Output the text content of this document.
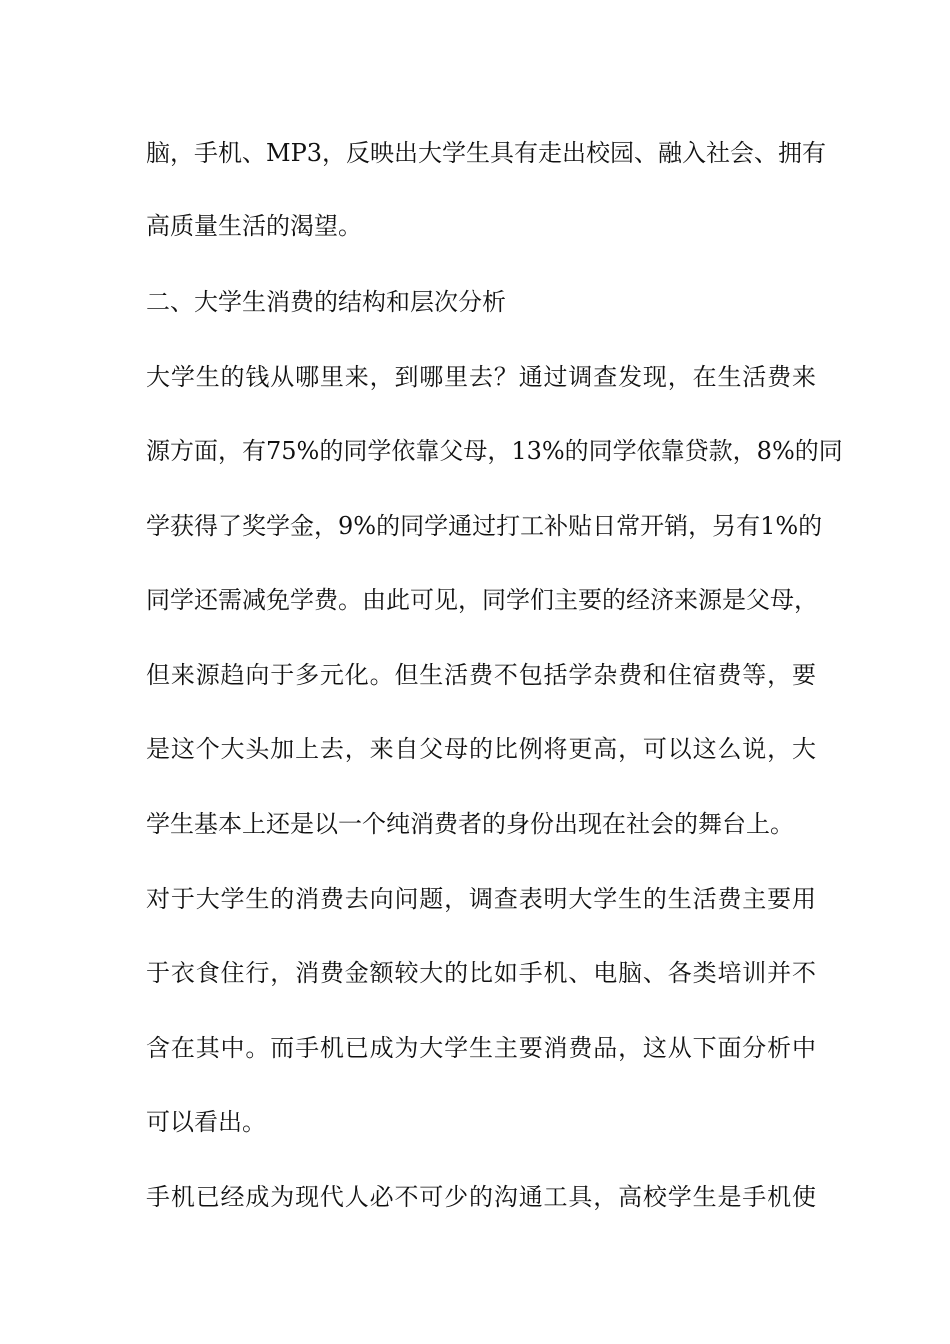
脑，手机、MP3，反映出大学生具有走出校园、融入社会、拥有
高质量生活的渴望。
二、大学生消费的结构和层次分析
大学生的钱从哪里来，到哪里去？通过调查发现，在生活费来
源方面，有75%的同学依靠父母，13%的同学依靠贷款，8%的同
学获得了奖学金，9%的同学通过打工补贴日常开销，另有1%的
同学还需减免学费。由此可见，同学们主要的经济来源是父母，
但来源趋向于多元化。但生活费不包括学杂费和住宿费等，要
是这个大头加上去，来自父母的比例将更高，可以这么说，大
学生基本上还是以一个纯消费者的身份出现在社会的舞台上。
对于大学生的消费去向问题，调查表明大学生的生活费主要用
于衣食住行，消费金额较大的比如手机、电脑、各类培训并不
含在其中。而手机已成为大学生主要消费品，这从下面分析中
可以看出。
手机已经成为现代人必不可少的沟通工具，高校学生是手机使
